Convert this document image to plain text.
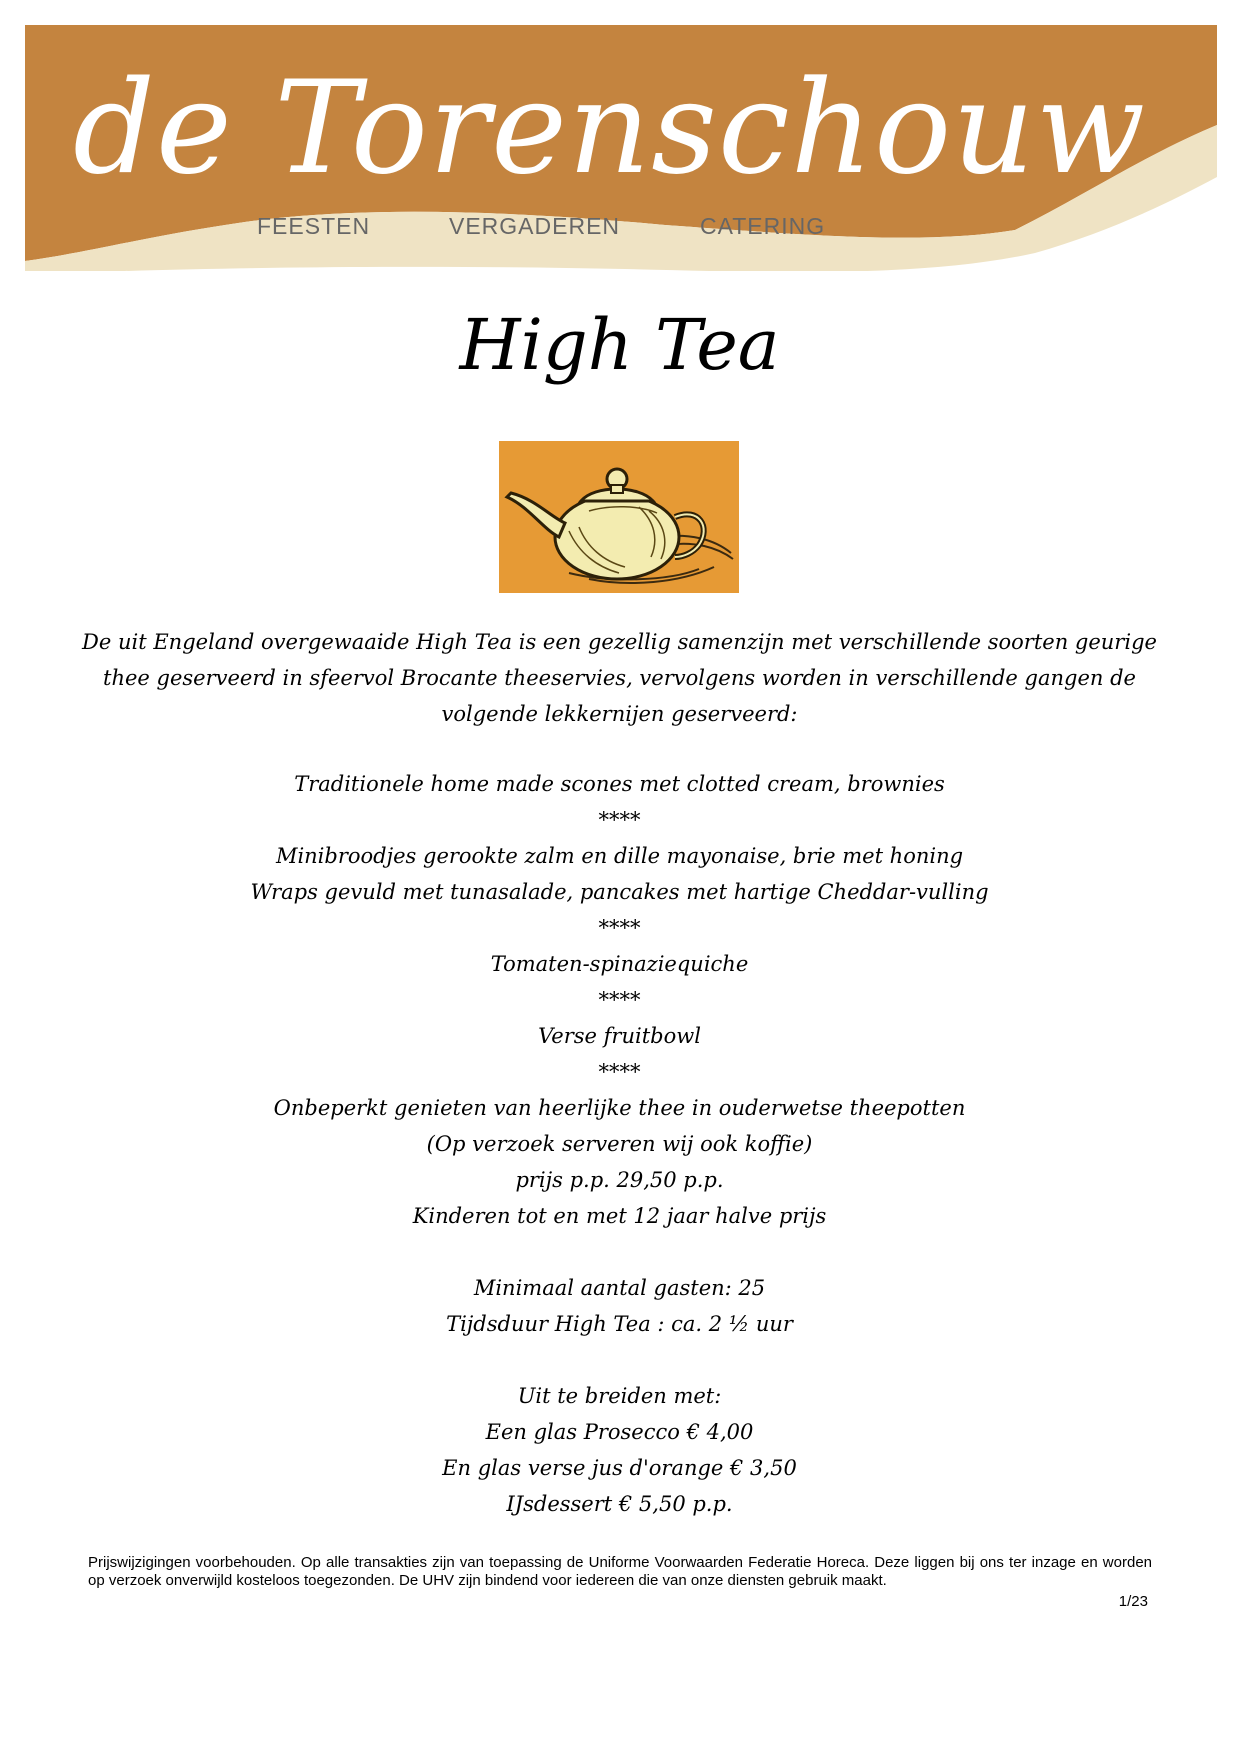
de Torenschouw
FEESTEN	VERGADEREN	CATERING
High Tea
De uit Engeland overgewaaide High Tea is een gezellig samenzijn met verschillende soorten geurige thee geserveerd in sfeervol Brocante theeservies, vervolgens worden in verschillende gangen de volgende lekkernijen geserveerd:
Traditionele home made scones met clotted cream, brownies
****
Minibroodjes gerookte zalm en dille mayonaise, brie met honing
Wraps gevuld met tunasalade, pancakes met hartige Cheddar-vulling
****
Tomaten-spinaziequiche
****
Verse fruitbowl
****
Onbeperkt genieten van heerlijke thee in ouderwetse theepotten
(Op verzoek serveren wij ook koffie)
prijs p.p. 29,50 p.p.
Kinderen tot en met 12 jaar halve prijs
Minimaal aantal gasten: 25
Tijdsduur High Tea : ca. 2 ½ uur
Uit te breiden met:
Een glas Prosecco € 4,00
En glas verse jus d'orange € 3,50
IJsdessert € 5,50 p.p.
Prijswijzigingen voorbehouden. Op alle transakties zijn van toepassing de Uniforme Voorwaarden Federatie Horeca. Deze liggen bij ons ter inzage en worden op verzoek onverwijld kosteloos toegezonden. De UHV zijn bindend voor iedereen die van onze diensten gebruik maakt.
1/23
